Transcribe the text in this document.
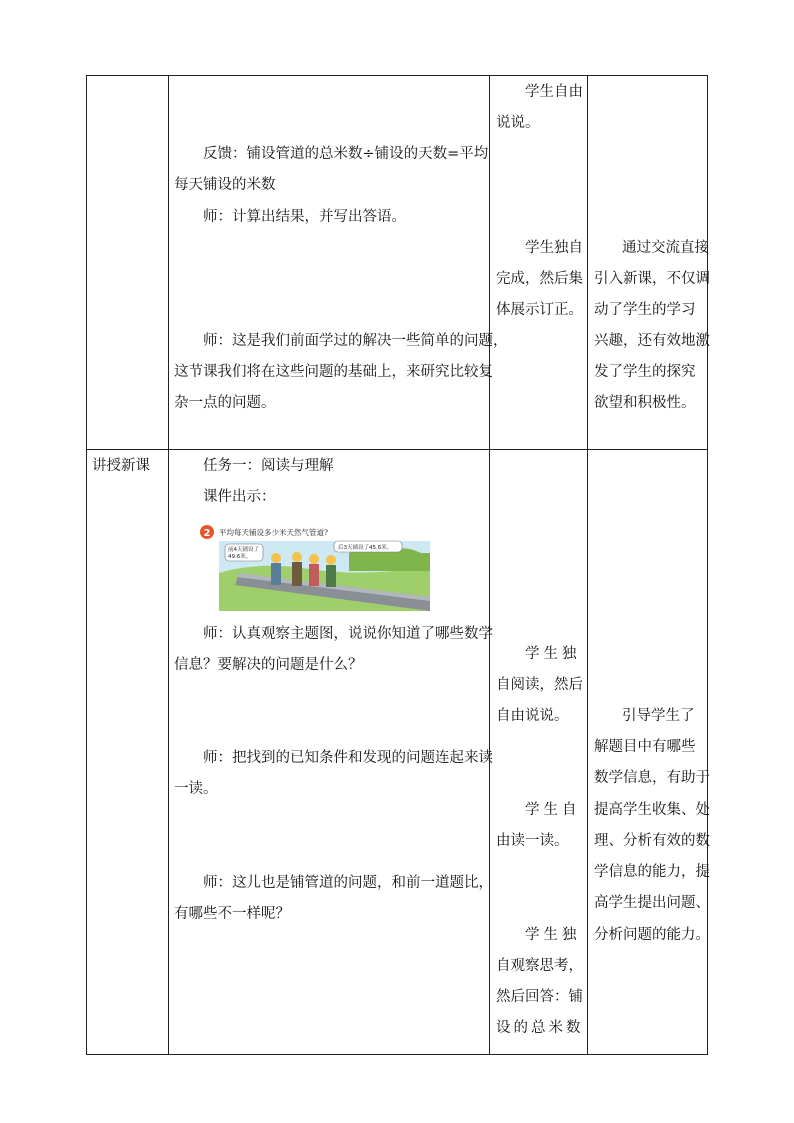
反馈：铺设管道的总米数÷铺设的天数=平均

每天铺设的米数

师：计算出结果，并写出答语。

师：这是我们前面学过的解决一些简单的问题，

这节课我们将在这些问题的基础上，来研究比较复

杂一点的问题。

学生自由

说说。

学生独自

完成，然后集

体展示订正。

通过交流直接

引入新课，不仅调

动了学生的学习

兴趣，还有效地激

发了学生的探究

欲望和积极性。

讲授新课	任务一：阅读与理解

课件出示：

2 平均每天铺设多少米天然气管道?
前4天铺设了
49.6米。
后3天铺设了45.6米。

师：认真观察主题图，说说你知道了哪些数学

信息？要解决的问题是什么？

师：把找到的已知条件和发现的问题连起来读

一读。

师：这儿也是铺管道的问题，和前一道题比，

有哪些不一样呢？

学生独

自阅读，然后

自由说说。

学生自

由读一读。

学生独

自观察思考，

然后回答：铺

设的总米数

引导学生了

解题目中有哪些

数学信息，有助于

提高学生收集、处

理、分析有效的数

学信息的能力，提

高学生提出问题、

分析问题的能力。
